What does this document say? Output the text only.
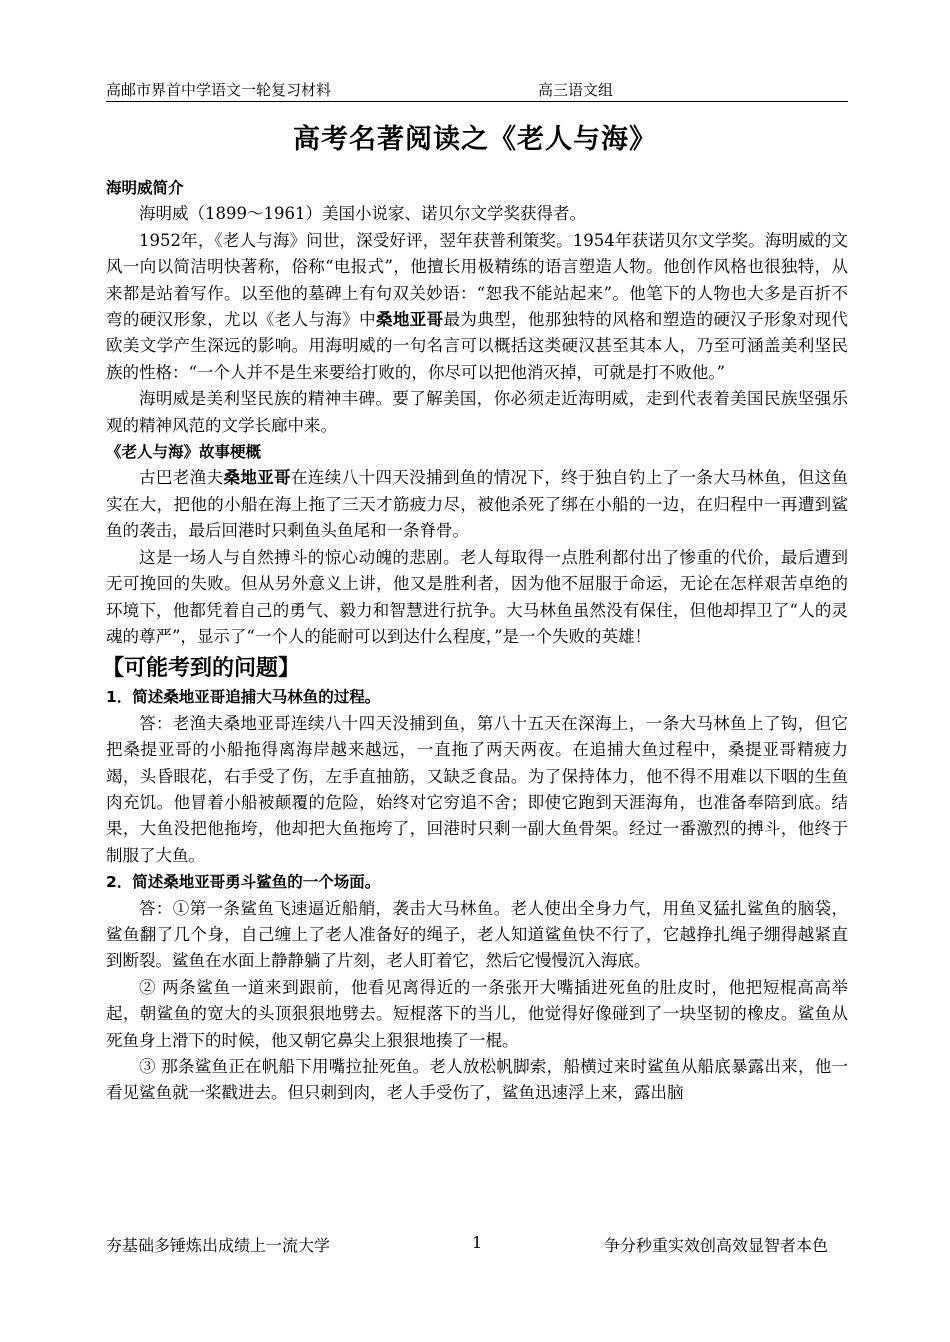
高邮市界首中学语文一轮复习材料	高三语文组
高考名著阅读之《老人与海》

海明威简介

海明威（1899～1961）美国小说家、诺贝尔文学奖获得者。

1952年，《老人与海》问世，深受好评，翌年获普利策奖。1954年获诺贝尔文学奖。海明威的文风一向以简洁明快著称，俗称“电报式”，他擅长用极精练的语言塑造人物。他创作风格也很独特，从来都是站着写作。以至他的墓碑上有句双关妙语：“恕我不能站起来”。他笔下的人物也大多是百折不弯的硬汉形象，尤以《老人与海》中桑地亚哥最为典型，他那独特的风格和塑造的硬汉子形象对现代欧美文学产生深远的影响。用海明威的一句名言可以概括这类硬汉甚至其本人，乃至可涵盖美利坚民族的性格：“一个人并不是生来要给打败的，你尽可以把他消灭掉，可就是打不败他。”

海明威是美利坚民族的精神丰碑。要了解美国，你必须走近海明威，走到代表着美国民族坚强乐观的精神风范的文学长廊中来。

《老人与海》故事梗概

古巴老渔夫桑地亚哥在连续八十四天没捕到鱼的情况下，终于独自钓上了一条大马林鱼，但这鱼实在大，把他的小船在海上拖了三天才筋疲力尽，被他杀死了绑在小船的一边，在归程中一再遭到鲨鱼的袭击，最后回港时只剩鱼头鱼尾和一条脊骨。

这是一场人与自然搏斗的惊心动魄的悲剧。老人每取得一点胜利都付出了惨重的代价，最后遭到无可挽回的失败。但从另外意义上讲，他又是胜利者，因为他不屈服于命运，无论在怎样艰苦卓绝的环境下，他都凭着自己的勇气、毅力和智慧进行抗争。大马林鱼虽然没有保住，但他却捍卫了“人的灵魂的尊严”，显示了“一个人的能耐可以到达什么程度，”是一个失败的英雄！

【可能考到的问题】

1．简述桑地亚哥追捕大马林鱼的过程。

答：老渔夫桑地亚哥连续八十四天没捕到鱼，第八十五天在深海上，一条大马林鱼上了钩，但它把桑提亚哥的小船拖得离海岸越来越远，一直拖了两天两夜。在追捕大鱼过程中，桑提亚哥精疲力竭，头昏眼花，右手受了伤，左手直抽筋，又缺乏食品。为了保持体力，他不得不用难以下咽的生鱼肉充饥。他冒着小船被颠覆的危险，始终对它穷追不舍；即使它跑到天涯海角，也准备奉陪到底。结果，大鱼没把他拖垮，他却把大鱼拖垮了，回港时只剩一副大鱼骨架。经过一番激烈的搏斗，他终于制服了大鱼。

2．简述桑地亚哥勇斗鲨鱼的一个场面。

答：①第一条鲨鱼飞速逼近船艄，袭击大马林鱼。老人使出全身力气，用鱼叉猛扎鲨鱼的脑袋，鲨鱼翻了几个身，自己缠上了老人准备好的绳子，老人知道鲨鱼快不行了，它越挣扎绳子绷得越紧直到断裂。鲨鱼在水面上静静躺了片刻，老人盯着它，然后它慢慢沉入海底。

② 两条鲨鱼一道来到跟前，他看见离得近的一条张开大嘴插进死鱼的肚皮时，他把短棍高高举起，朝鲨鱼的宽大的头顶狠狠地劈去。短棍落下的当儿，他觉得好像碰到了一块坚韧的橡皮。鲨鱼从死鱼身上滑下的时候，他又朝它鼻尖上狠狠地揍了一棍。

③ 那条鲨鱼正在帆船下用嘴拉扯死鱼。老人放松帆脚索，船横过来时鲨鱼从船底暴露出来，他一看见鲨鱼就一桨戳进去。但只刺到肉，老人手受伤了，鲨鱼迅速浮上来，露出脑

夯基础多锤炼出成绩上一流大学	1	争分秒重实效创高效显智者本色
